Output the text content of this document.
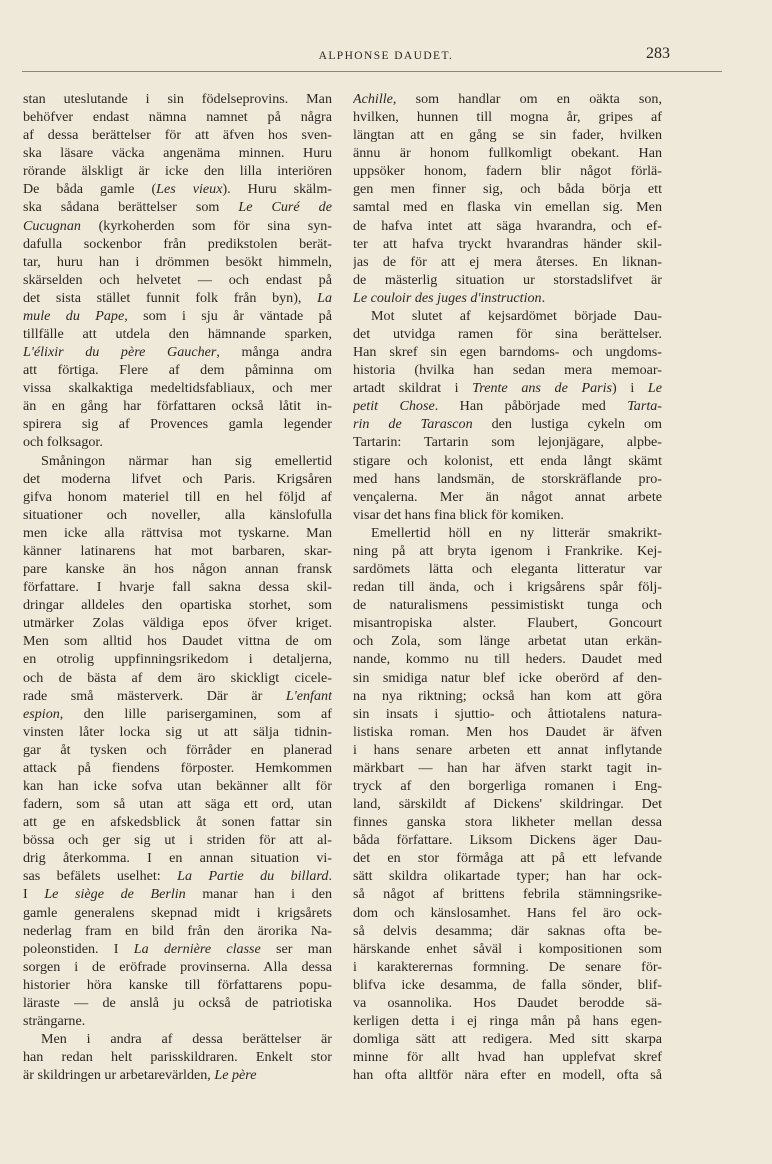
ALPHONSE DAUDET.	283
stan uteslutande i sin födelseprovins. Man
behöfver endast nämna namnet på några
af dessa berättelser för att äfven hos sven-
ska läsare väcka angenäma minnen. Huru
rörande älskligt är icke den lilla interiören
De båda gamle (Les vieux). Huru skälm-
ska sådana berättelser som Le Curé de
Cucugnan (kyrkoherden som för sina syn-
dafulla sockenbor från predikstolen berät-
tar, huru han i drömmen besökt himmeln,
skärselden och helvetet — och endast på
det sista stället funnit folk från byn), La
mule du Pape, som i sju år väntade på
tillfälle att utdela den hämnande sparken,
L'élixir du père Gaucher, många andra
att förtiga. Flere af dem påminna om
vissa skalkaktiga medeltidsfabliaux, och mer
än en gång har författaren också låtit in-
spirera sig af Provences gamla legender
och folksagor.
Småningon närmar han sig emellertid
det moderna lifvet och Paris. Krigsåren
gifva honom materiel till en hel följd af
situationer och noveller, alla känslofulla
men icke alla rättvisa mot tyskarne. Man
känner latinarens hat mot barbaren, skar-
pare kanske än hos någon annan fransk
författare. I hvarje fall sakna dessa skil-
dringar alldeles den opartiska storhet, som
utmärker Zolas väldiga epos öfver kriget.
Men som alltid hos Daudet vittna de om
en otrolig uppfinningsrikedom i detaljerna,
och de bästa af dem äro skickligt cicele-
rade små mästerverk. Där är L'enfant
espion, den lille parisergaminen, som af
vinsten låter locka sig ut att sälja tidnin-
gar åt tysken och förråder en planerad
attack på fiendens förposter. Hemkommen
kan han icke sofva utan bekänner allt för
fadern, som så utan att säga ett ord, utan
att ge en afskedsblick åt sonen fattar sin
bössa och ger sig ut i striden för att al-
drig återkomma. I en annan situation vi-
sas befälets uselhet: La Partie du billard.
I Le siège de Berlin manar han i den
gamle generalens skepnad midt i krigsårets
nederlag fram en bild från den ärorika Na-
poleonstiden. I La dernière classe ser man
sorgen i de eröfrade provinserna. Alla dessa
historier höra kanske till författarens popu-
läraste — de anslå ju också de patriotiska
strängarne.
Men i andra af dessa berättelser är
han redan helt parisskildraren. Enkelt stor
är skildringen ur arbetarevärlden, Le père
Achille, som handlar om en oäkta son,
hvilken, hunnen till mogna år, gripes af
längtan att en gång se sin fader, hvilken
ännu är honom fullkomligt obekant. Han
uppsöker honom, fadern blir något förlä-
gen men finner sig, och båda börja ett
samtal med en flaska vin emellan sig. Men
de hafva intet att säga hvarandra, och ef-
ter att hafva tryckt hvarandras händer skil-
jas de för att ej mera återses. En liknan-
de mästerlig situation ur storstadslifvet är
Le couloir des juges d'instruction.
Mot slutet af kejsardömet började Dau-
det utvidga ramen för sina berättelser.
Han skref sin egen barndoms- och ungdoms-
historia (hvilka han sedan mera memoar-
artadt skildrat i Trente ans de Paris) i Le
petit Chose. Han påbörjade med Tarta-
rin de Tarascon den lustiga cykeln om
Tartarin: Tartarin som lejonjägare, alpbe-
stigare och kolonist, ett enda långt skämt
med hans landsmän, de storskräflande pro-
vençalerna. Mer än något annat arbete
visar det hans fina blick för komiken.
Emellertid höll en ny litterär smakrikt-
ning på att bryta igenom i Frankrike. Kej-
sardömets lätta och eleganta litteratur var
redan till ända, och i krigsårens spår följ-
de naturalismens pessimistiskt tunga och
misantropiska alster. Flaubert, Goncourt
och Zola, som länge arbetat utan erkän-
nande, kommo nu till heders. Daudet med
sin smidiga natur blef icke oberörd af den-
na nya riktning; också han kom att göra
sin insats i sjuttio- och åttiotalens natura-
listiska roman. Men hos Daudet är äfven
i hans senare arbeten ett annat inflytande
märkbart — han har äfven starkt tagit in-
tryck af den borgerliga romanen i Eng-
land, särskildt af Dickens' skildringar. Det
finnes ganska stora likheter mellan dessa
båda författare. Liksom Dickens äger Dau-
det en stor förmåga att på ett lefvande
sätt skildra olikartade typer; han har ock-
så något af brittens febrila stämningsrike-
dom och känslosamhet. Hans fel äro ock-
så delvis desamma; där saknas ofta be-
härskande enhet såväl i kompositionen som
i karakterernas formning. De senare för-
blifva icke desamma, de falla sönder, blif-
va osannolika. Hos Daudet berodde sä-
kerligen detta i ej ringa mån på hans egen-
domliga sätt att redigera. Med sitt skarpa
minne för allt hvad han upplefvat skref
han ofta alltför nära efter en modell, ofta så
